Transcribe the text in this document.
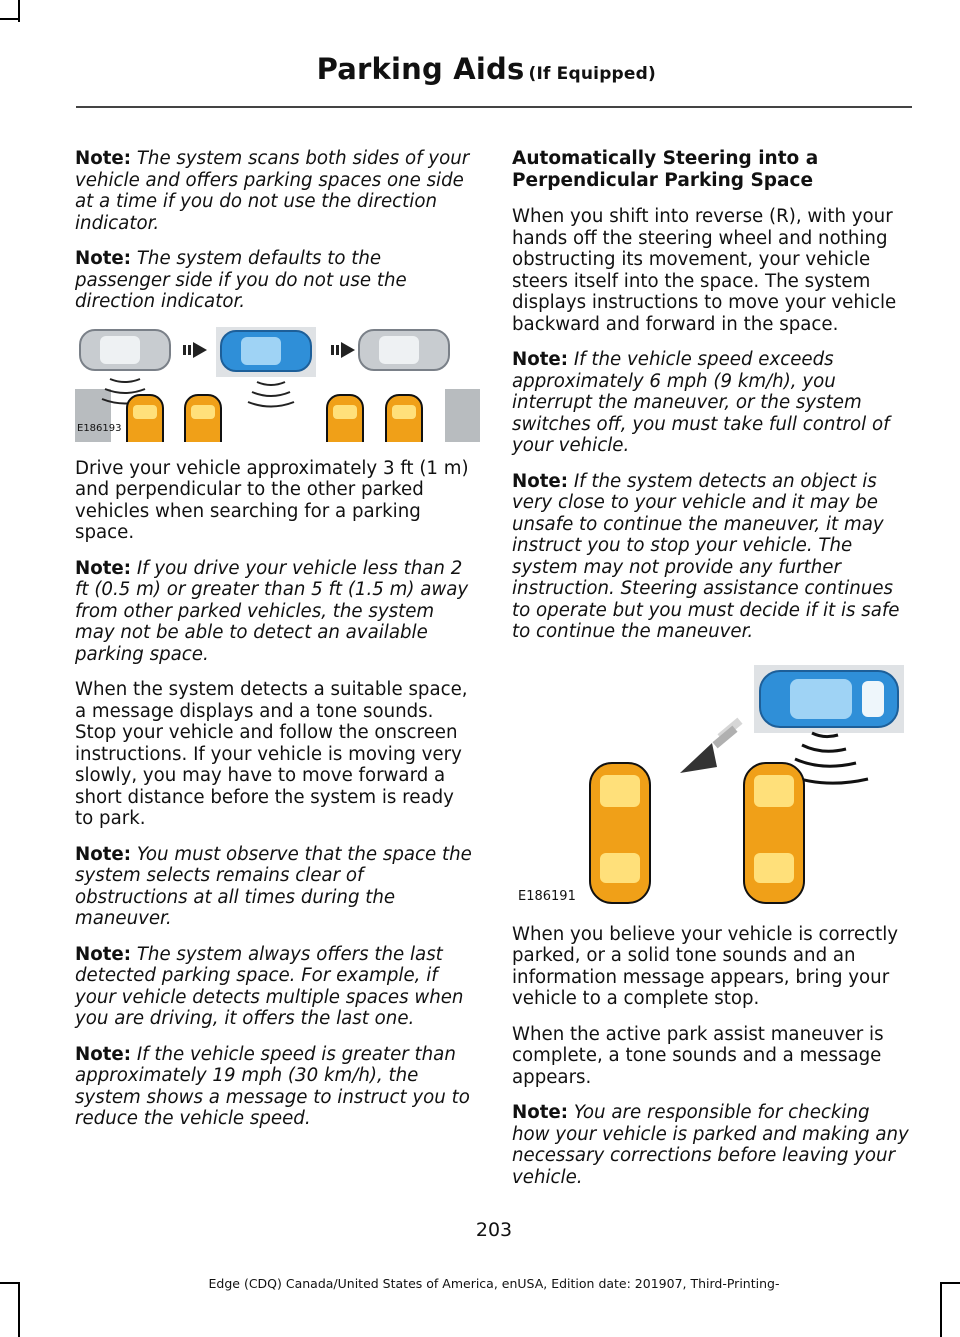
Parking Aids (If Equipped)

Note: The system scans both sides of your vehicle and offers parking spaces one side at a time if you do not use the direction indicator.

Note: The system defaults to the passenger side if you do not use the direction indicator.

E186193

Drive your vehicle approximately 3 ft (1 m) and perpendicular to the other parked vehicles when searching for a parking space.

Note: If you drive your vehicle less than 2 ft (0.5 m) or greater than 5 ft (1.5 m) away from other parked vehicles, the system may not be able to detect an available parking space.

When the system detects a suitable space, a message displays and a tone sounds. Stop your vehicle and follow the onscreen instructions. If your vehicle is moving very slowly, you may have to move forward a short distance before the system is ready to park.

Note: You must observe that the space the system selects remains clear of obstructions at all times during the maneuver.

Note: The system always offers the last detected parking space. For example, if your vehicle detects multiple spaces when you are driving, it offers the last one.

Note: If the vehicle speed is greater than approximately 19 mph (30 km/h), the system shows a message to instruct you to reduce the vehicle speed.

Automatically Steering into a Perpendicular Parking Space

When you shift into reverse (R), with your hands off the steering wheel and nothing obstructing its movement, your vehicle steers itself into the space. The system displays instructions to move your vehicle backward and forward in the space.

Note: If the vehicle speed exceeds approximately 6 mph (9 km/h), you interrupt the maneuver, or the system switches off, you must take full control of your vehicle.

Note: If the system detects an object is very close to your vehicle and it may be unsafe to continue the maneuver, it may instruct you to stop your vehicle. The system may not provide any further instruction. Steering assistance continues to operate but you must decide if it is safe to continue the maneuver.

E186191

When you believe your vehicle is correctly parked, or a solid tone sounds and an information message appears, bring your vehicle to a complete stop.

When the active park assist maneuver is complete, a tone sounds and a message appears.

Note: You are responsible for checking how your vehicle is parked and making any necessary corrections before leaving your vehicle.

203
Edge (CDQ) Canada/United States of America, enUSA, Edition date: 201907, Third-Printing-
